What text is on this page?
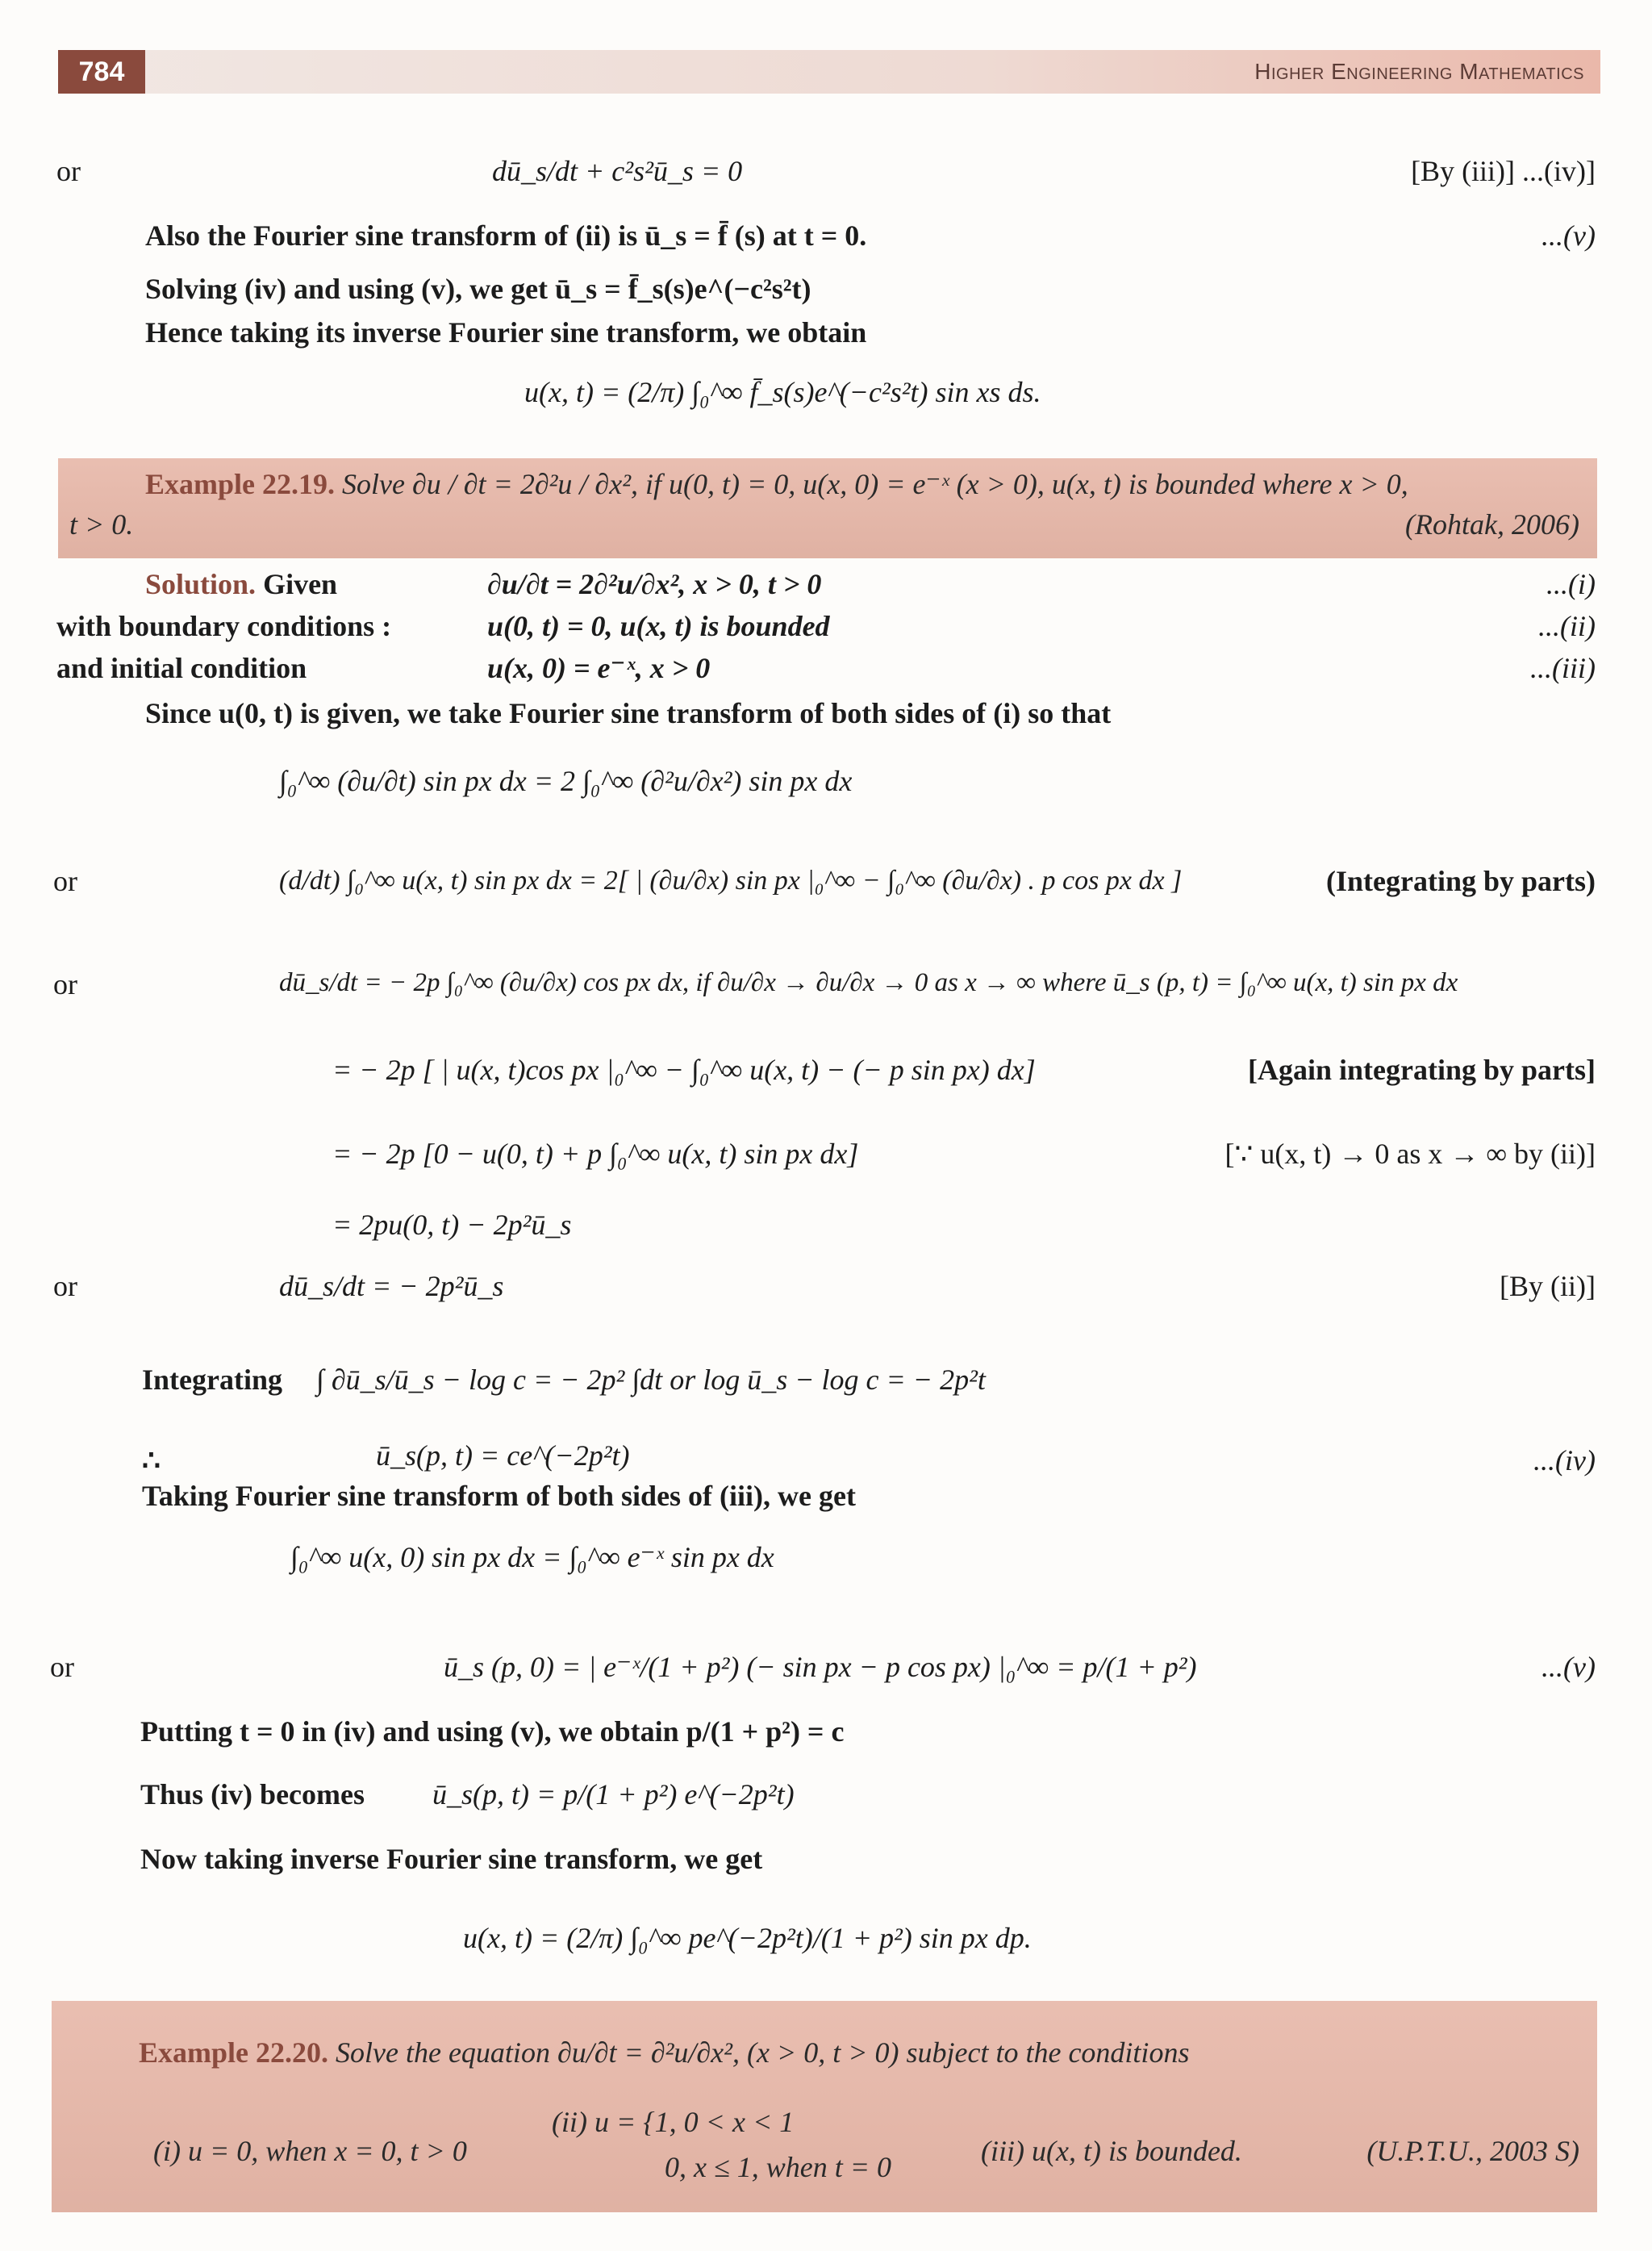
784	Higher Engineering Mathematics
or	dū_s/dt + c²s²ū_s = 0	[By (iii)] ...(iv)]
Also the Fourier sine transform of (ii) is ū_s = f̄ (s) at t = 0.	...(v)
Solving (iv) and using (v), we get ū_s = f̄_s(s)e^(−c²s²t)
Hence taking its inverse Fourier sine transform, we obtain
u(x, t) = (2/π) ∫₀^∞ f̄_s(s)e^(−c²s²t) sin xs ds.
Example 22.19. Solve ∂u / ∂t = 2∂²u / ∂x², if u(0, t) = 0, u(x, 0) = e⁻ˣ (x > 0), u(x, t) is bounded where x > 0,
t > 0.	(Rohtak, 2006)
Solution. Given	∂u/∂t = 2∂²u/∂x², x > 0, t > 0	...(i)
with boundary conditions :	u(0, t) = 0, u(x, t) is bounded	...(ii)
and initial condition	u(x, 0) = e⁻ˣ, x > 0	...(iii)
Since u(0, t) is given, we take Fourier sine transform of both sides of (i) so that
∫₀^∞ (∂u/∂t) sin px dx = 2 ∫₀^∞ (∂²u/∂x²) sin px dx
or	(d/dt) ∫₀^∞ u(x, t) sin px dx = 2[ | (∂u/∂x) sin px |₀^∞ − ∫₀^∞ (∂u/∂x) . p cos px dx ]	(Integrating by parts)
or	dū_s/dt = − 2p ∫₀^∞ (∂u/∂x) cos px dx, if ∂u/∂x → ∂u/∂x → 0 as x → ∞ where ū_s (p, t) = ∫₀^∞ u(x, t) sin px dx
= − 2p [ | u(x, t)cos px |₀^∞ − ∫₀^∞ u(x, t) − (− p sin px) dx]	[Again integrating by parts]
= − 2p [0 − u(0, t) + p ∫₀^∞ u(x, t) sin px dx]	[∵ u(x, t) → 0 as x → ∞ by (ii)]
= 2pu(0, t) − 2p²ū_s
or	dū_s/dt = − 2p²ū_s	[By (ii)]
Integrating ∫ ∂ū_s/ū_s − log c = − 2p² ∫dt or log ū_s − log c = − 2p²t
∴	ū_s(p, t) = ce^(−2p²t)	...(iv)
Taking Fourier sine transform of both sides of (iii), we get
∫₀^∞ u(x, 0) sin px dx = ∫₀^∞ e⁻ˣ sin px dx
or	ū_s (p, 0) = | e⁻ˣ/(1 + p²) (− sin px − p cos px) |₀^∞ = p/(1 + p²)	...(v)
Putting t = 0 in (iv) and using (v), we obtain p/(1 + p²) = c
Thus (iv) becomes ū_s(p, t) = p/(1 + p²) e^(−2p²t)
Now taking inverse Fourier sine transform, we get
u(x, t) = (2/π) ∫₀^∞ pe^(−2p²t)/(1 + p²) sin px dp.
Example 22.20. Solve the equation ∂u/∂t = ∂²u/∂x², (x > 0, t > 0) subject to the conditions
(i) u = 0, when x = 0, t > 0
(ii) u = {1, 0 < x < 1
0, x ≤ 1, when t = 0	(iii) u(x, t) is bounded.	(U.P.T.U., 2003 S)
